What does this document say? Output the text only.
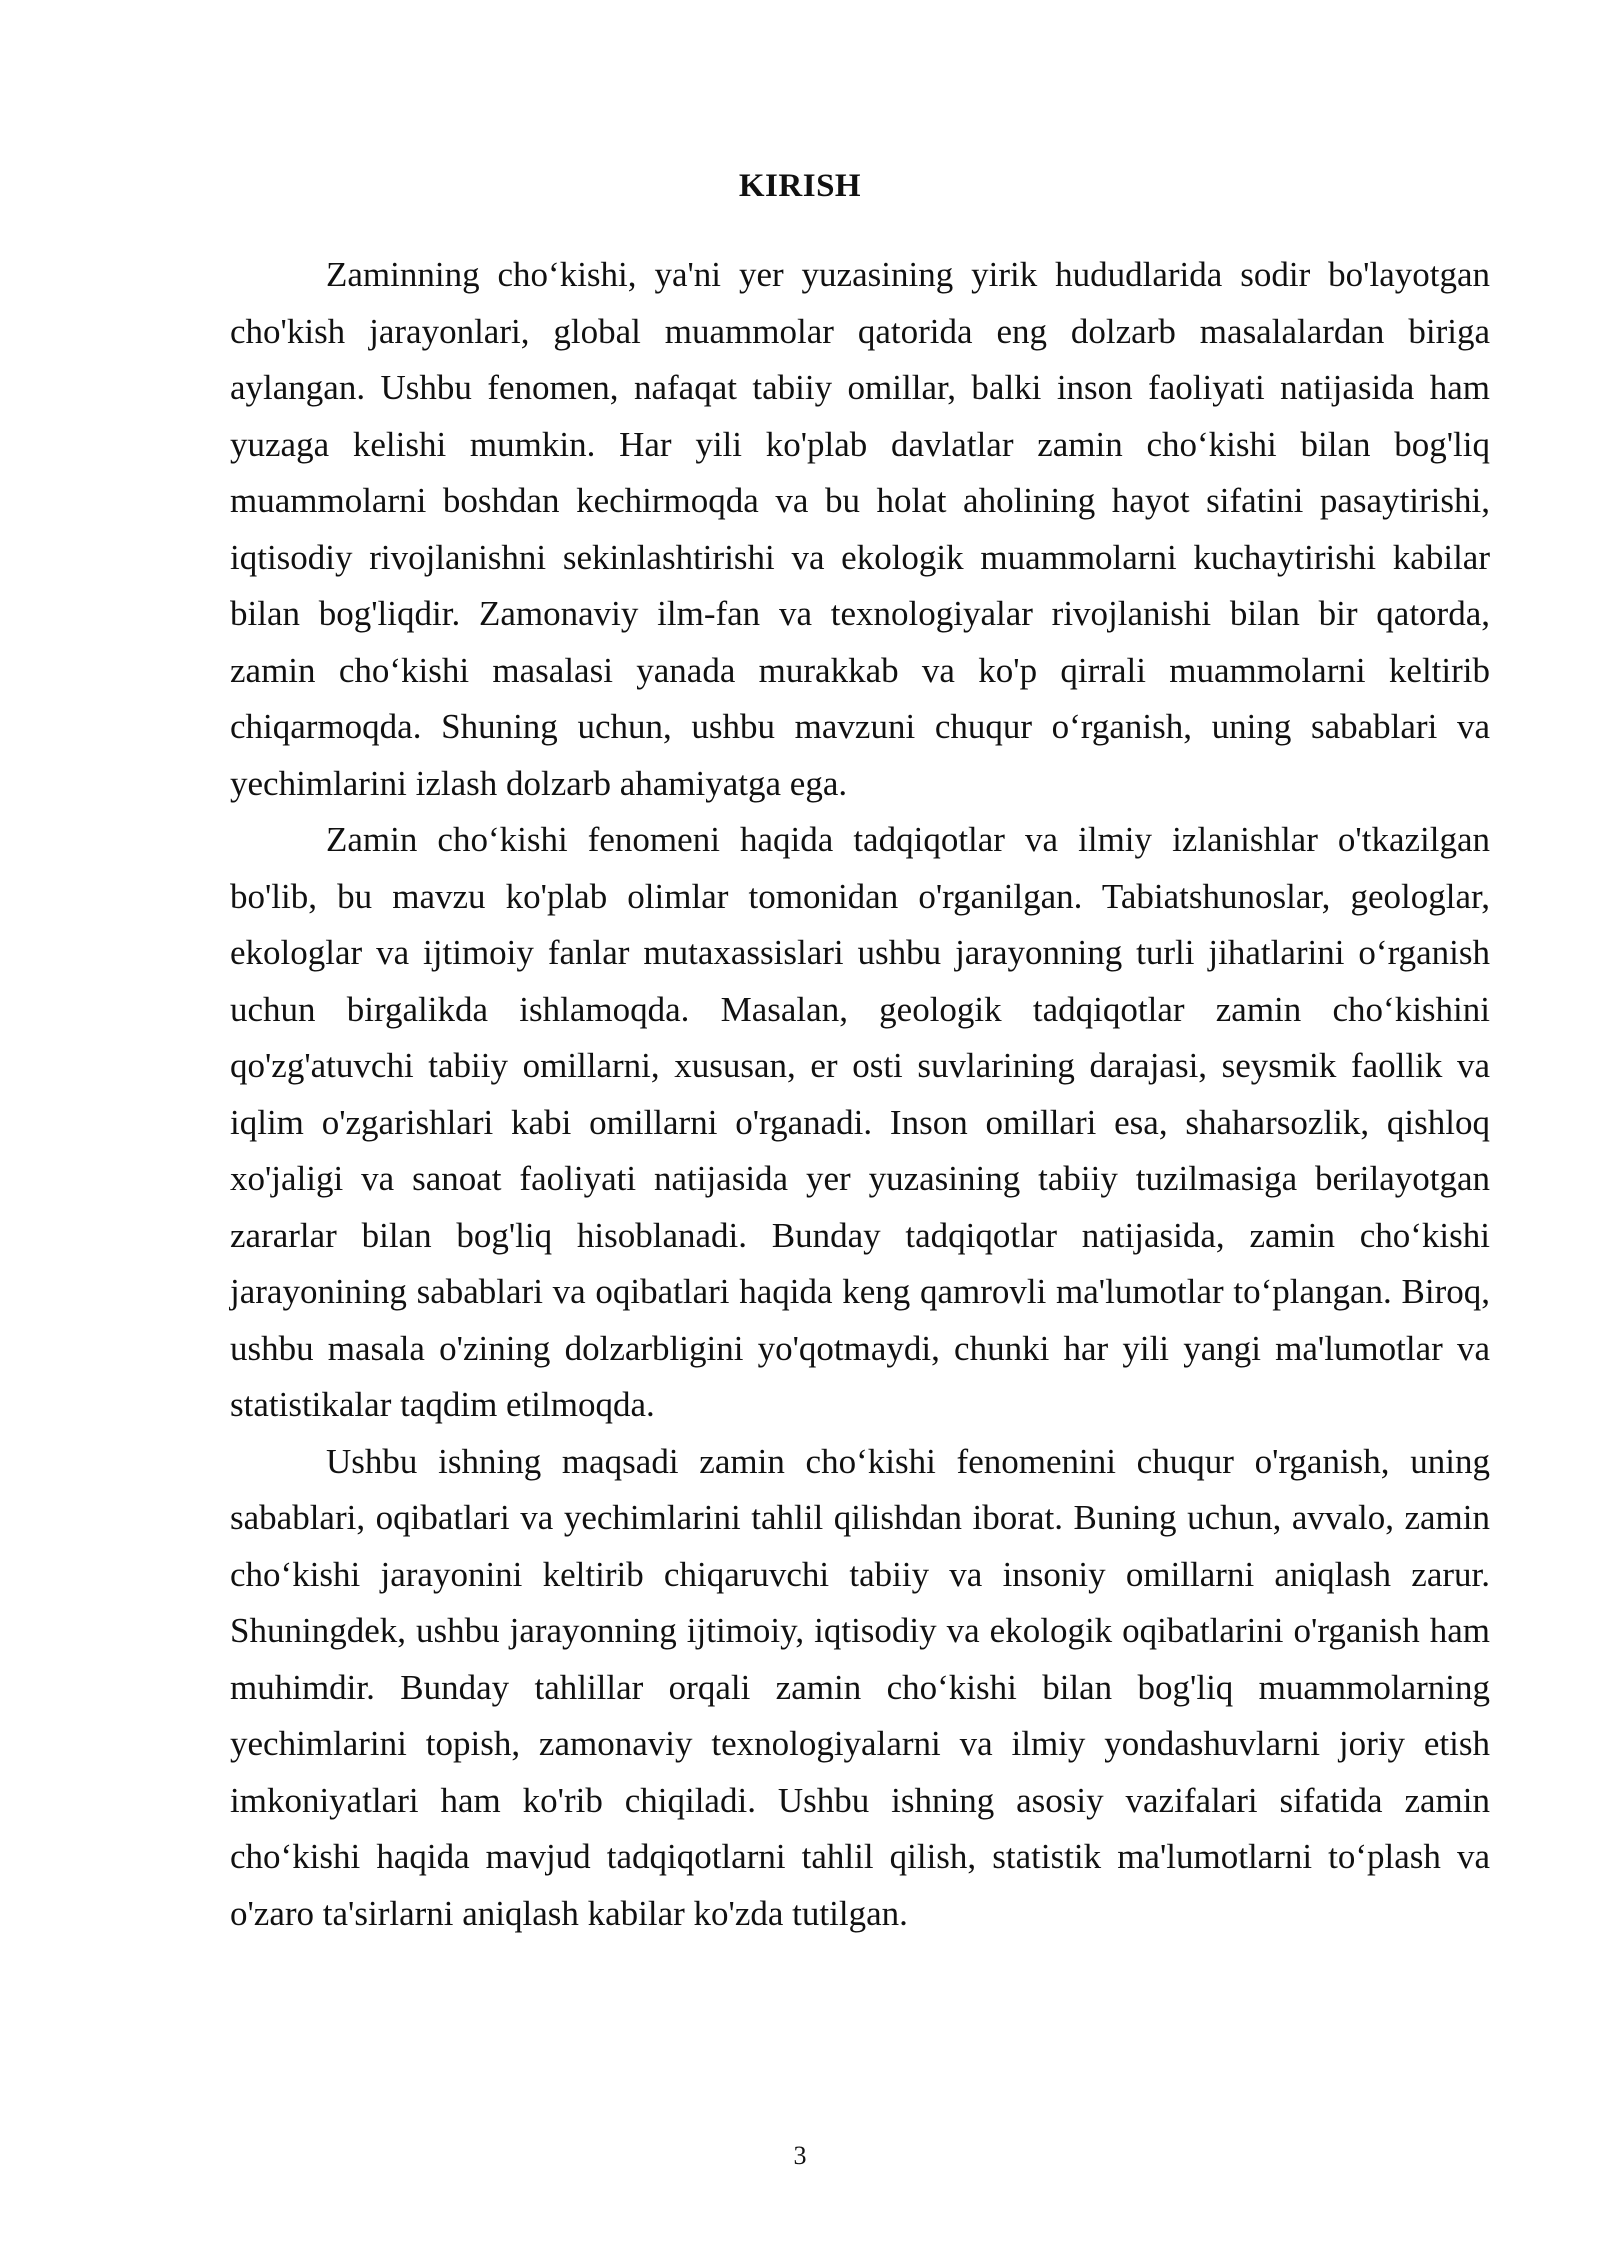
KIRISH

Zaminning cho‘kishi, ya'ni yer yuzasining yirik hududlarida sodir bo'layotgan cho'kish jarayonlari, global muammolar qatorida eng dolzarb masalalardan biriga aylangan. Ushbu fenomen, nafaqat tabiiy omillar, balki inson faoliyati natijasida ham yuzaga kelishi mumkin. Har yili ko'plab davlatlar zamin cho‘kishi bilan bog'liq muammolarni boshdan kechirmoqda va bu holat aholining hayot sifatini pasaytirishi, iqtisodiy rivojlanishni sekinlashtirishi va ekologik muammolarni kuchaytirishi kabilar bilan bog'liqdir. Zamonaviy ilm-fan va texnologiyalar rivojlanishi bilan bir qatorda, zamin cho‘kishi masalasi yanada murakkab va ko'p qirrali muammolarni keltirib chiqarmoqda. Shuning uchun, ushbu mavzuni chuqur o‘rganish, uning sabablari va yechimlarini izlash dolzarb ahamiyatga ega.

Zamin cho‘kishi fenomeni haqida tadqiqotlar va ilmiy izlanishlar o'tkazilgan bo'lib, bu mavzu ko'plab olimlar tomonidan o'rganilgan. Tabiatshunoslar, geologlar, ekologlar va ijtimoiy fanlar mutaxassislari ushbu jarayonning turli jihatlarini o‘rganish uchun birgalikda ishlamoqda. Masalan, geologik tadqiqotlar zamin cho‘kishini qo'zg'atuvchi tabiiy omillarni, xususan, er osti suvlarining darajasi, seysmik faollik va iqlim o'zgarishlari kabi omillarni o'rganadi. Inson omillari esa, shaharsozlik, qishloq xo'jaligi va sanoat faoliyati natijasida yer yuzasining tabiiy tuzilmasiga berilayotgan zararlar bilan bog'liq hisoblanadi. Bunday tadqiqotlar natijasida, zamin cho‘kishi jarayonining sabablari va oqibatlari haqida keng qamrovli ma'lumotlar to‘plangan. Biroq, ushbu masala o'zining dolzarbligini yo'qotmaydi, chunki har yili yangi ma'lumotlar va statistikalar taqdim etilmoqda.

Ushbu ishning maqsadi zamin cho‘kishi fenomenini chuqur o'rganish, uning sabablari, oqibatlari va yechimlarini tahlil qilishdan iborat. Buning uchun, avvalo, zamin cho‘kishi jarayonini keltirib chiqaruvchi tabiiy va insoniy omillarni aniqlash zarur. Shuningdek, ushbu jarayonning ijtimoiy, iqtisodiy va ekologik oqibatlarini o'rganish ham muhimdir. Bunday tahlillar orqali zamin cho‘kishi bilan bog'liq muammolarning yechimlarini topish, zamonaviy texnologiyalarni va ilmiy yondashuvlarni joriy etish imkoniyatlari ham ko'rib chiqiladi. Ushbu ishning asosiy vazifalari sifatida zamin cho‘kishi haqida mavjud tadqiqotlarni tahlil qilish, statistik ma'lumotlarni to‘plash va o'zaro ta'sirlarni aniqlash kabilar ko'zda tutilgan.

3
